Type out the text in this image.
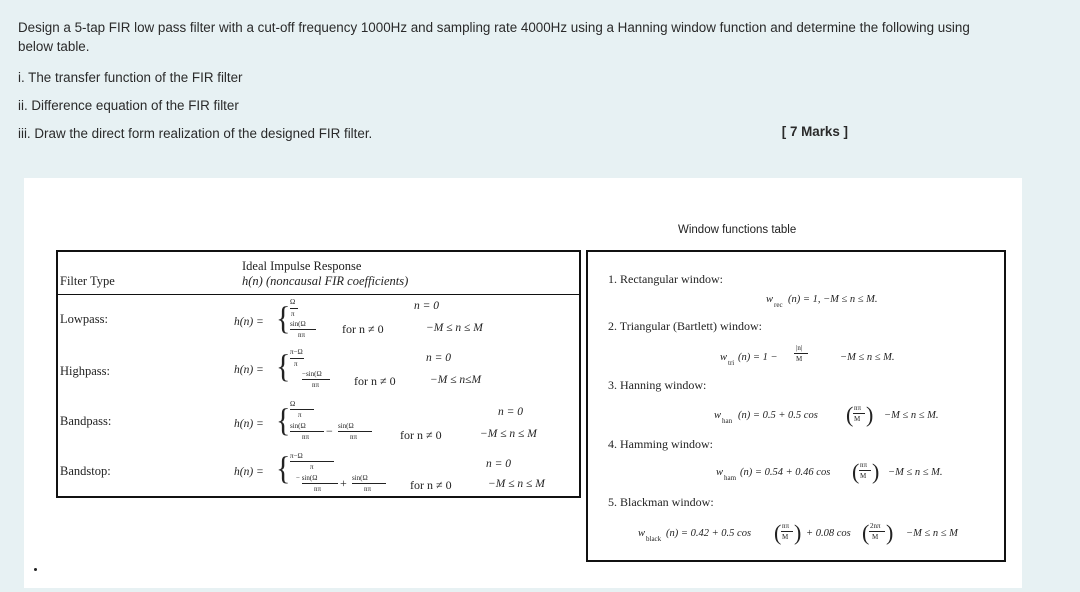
Design a 5-tap FIR low pass filter with a cut-off frequency 1000Hz and sampling rate 4000Hz using a Hanning window function and determine the following using
below table.
i. The transfer function of the FIR filter
ii. Difference equation of the FIR filter
iii. Draw the direct form realization of the designed FIR filter.	[ 7 Marks ]
Window functions table
Filter Type
Ideal Impulse Response
h(n) (noncausal FIR coefficients)
Lowpass:	h(n) = { Ω
π
n = 0
sin(Ω
nπ	for n ≠ 0	−M ≤ n ≤ M
Highpass:	h(n) = { π−Ω
π	n = 0
−sin(Ω
nπ	for n ≠ 0	−M ≤ n≤M
Bandpass:	h(n) = { Ω
π	n = 0
sin(Ω
nπ − sin(Ω
nπ	for n ≠ 0	−M ≤ n ≤ M
Bandstop:	h(n) = { π−Ω
π	n = 0
− sin(Ω
nπ + sin(Ω
nπ	for n ≠ 0	−M ≤ n ≤ M
1. Rectangular window:
w rec (n) = 1, −M ≤ n ≤ M.
2. Triangular (Bartlett) window:
w tri (n) = 1 −
|n|
M	−M ≤ n ≤ M.
3. Hanning window:
w han (n) = 0.5 + 0.5 cos ( nπ
M ) −M ≤ n ≤ M.
4. Hamming window:
w ham (n) = 0.54 + 0.46 cos ( nπ
M ) −M ≤ n ≤ M.
5. Blackman window:
w black (n) = 0.42 + 0.5 cos ( nπ
M ) + 0.08 cos ( 2nπ
M ) −M ≤ n ≤ M
